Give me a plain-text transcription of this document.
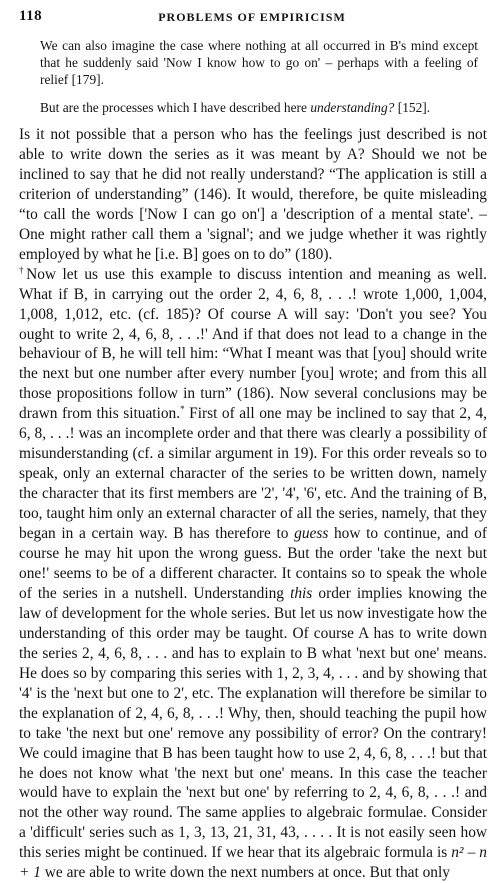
118	PROBLEMS OF EMPIRICISM

We can also imagine the case where nothing at all occurred in B's mind except that he suddenly said 'Now I know how to go on' – perhaps with a feeling of relief [179].

But are the processes which I have described here understanding? [152].

Is it not possible that a person who has the feelings just described is not able to write down the series as it was meant by A? Should we not be inclined to say that he did not really understand? “The application is still a criterion of understanding” (146). It would, therefore, be quite misleading “to call the words ['Now I can go on'] a 'description of a mental state'. – One might rather call them a 'signal'; and we judge whether it was rightly employed by what he [i.e. B] goes on to do” (180).

†Now let us use this example to discuss intention and meaning as well. What if B, in carrying out the order 2, 4, 6, 8, . . .! wrote 1,000, 1,004, 1,008, 1,012, etc. (cf. 185)? Of course A will say: 'Don't you see? You ought to write 2, 4, 6, 8, . . .!' And if that does not lead to a change in the behaviour of B, he will tell him: “What I meant was that [you] should write the next but one number after every number [you] wrote; and from this all those propositions follow in turn” (186). Now several conclusions may be drawn from this situation.* First of all one may be inclined to say that 2, 4, 6, 8, . . .! was an incomplete order and that there was clearly a possibility of misunderstanding (cf. a similar argument in 19). For this order reveals so to speak, only an external character of the series to be written down, namely the character that its first members are '2', '4', '6', etc. And the training of B, too, taught him only an external character of all the series, namely, that they began in a certain way. B has therefore to guess how to continue, and of course he may hit upon the wrong guess. But the order 'take the next but one!' seems to be of a different character. It contains so to speak the whole of the series in a nutshell. Understanding this order implies knowing the law of development for the whole series. But let us now investigate how the understanding of this order may be taught. Of course A has to write down the series 2, 4, 6, 8, . . . and has to explain to B what 'next but one' means. He does so by comparing this series with 1, 2, 3, 4, . . . and by showing that '4' is the 'next but one to 2', etc. The explanation will therefore be similar to the explanation of 2, 4, 6, 8, . . .! Why, then, should teaching the pupil how to take 'the next but one' remove any possibility of error? On the contrary! We could imagine that B has been taught how to use 2, 4, 6, 8, . . .! but that he does not know what 'the next but one' means. In this case the teacher would have to explain the 'next but one' by referring to 2, 4, 6, 8, . . .! and not the other way round. The same applies to algebraic formulae. Consider a 'difficult' series such as 1, 3, 13, 21, 31, 43, . . . . It is not easily seen how this series might be continued. If we hear that its algebraic formula is n² – n + 1 we are able to write down the next numbers at once. But that only
